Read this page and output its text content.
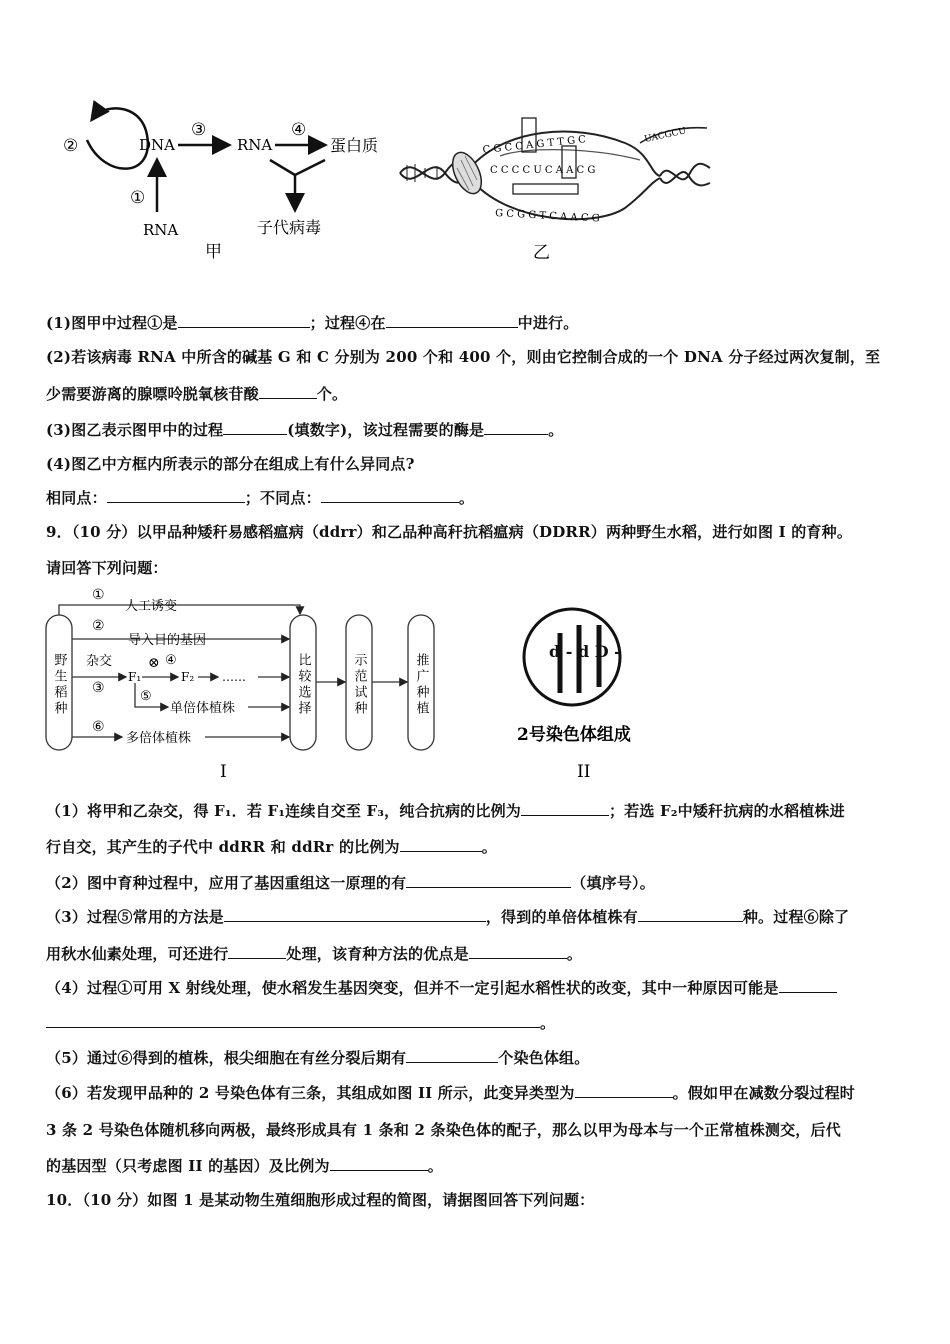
②	DNA
③
RNA
④
蛋白质
子代病毒
①
RNA
甲
UACGCU
C G C C A G T T G C
C C C C U C A A C G
G C G G T C A A C G
乙
(1)图甲中过程①是	；过程④在	中进行。
(2)若该病毒 RNA 中所含的碱基 G 和 C 分别为 200 个和 400 个，则由它控制合成的一个 DNA 分子经过两次复制，至
少需要游离的腺嘌呤脱氧核苷酸	个。
(3)图乙表示图甲中的过程	(填数字)，该过程需要的酶是	。
(4)图乙中方框内所表示的部分在组成上有什么异同点?
相同点：	；不同点：	。
9．（10 分）以甲品种矮秆易感稻瘟病（ddrr）和乙品种高秆抗稻瘟病（DDRR）两种野生水稻，进行如图 I 的育种。
请回答下列问题：
野生稻种	比较选择	示范试种	推广种植
①
人工诱变
②
导入目的基因
杂交
③
F₁
⊗ ④
F₂ ……
⑤
单倍体植株
⑥
多倍体植株
I
d - d D -
2号染色体组成
II
（1）将甲和乙杂交，得 F₁．若 F₁连续自交至 F₃，纯合抗病的比例为	；若选 F₂中矮秆抗病的水稻植株进
行自交，其产生的子代中 ddRR 和 ddRr 的比例为	。
（2）图中育种过程中，应用了基因重组这一原理的有	（填序号）。
（3）过程⑤常用的方法是	，得到的单倍体植株有	种。过程⑥除了
用秋水仙素处理，可还进行	处理，该育种方法的优点是	。
（4）过程①可用 X 射线处理，使水稻发生基因突变，但并不一定引起水稻性状的改变，其中一种原因可能是
。
（5）通过⑥得到的植株，根尖细胞在有丝分裂后期有	个染色体组。
（6）若发现甲品种的 2 号染色体有三条，其组成如图 II 所示，此变异类型为	。假如甲在减数分裂过程时
3 条 2 号染色体随机移向两极，最终形成具有 1 条和 2 条染色体的配子，那么以甲为母本与一个正常植株测交，后代
的基因型（只考虑图 II 的基因）及比例为	。
10．（10 分）如图 1 是某动物生殖细胞形成过程的简图，请据图回答下列问题：
